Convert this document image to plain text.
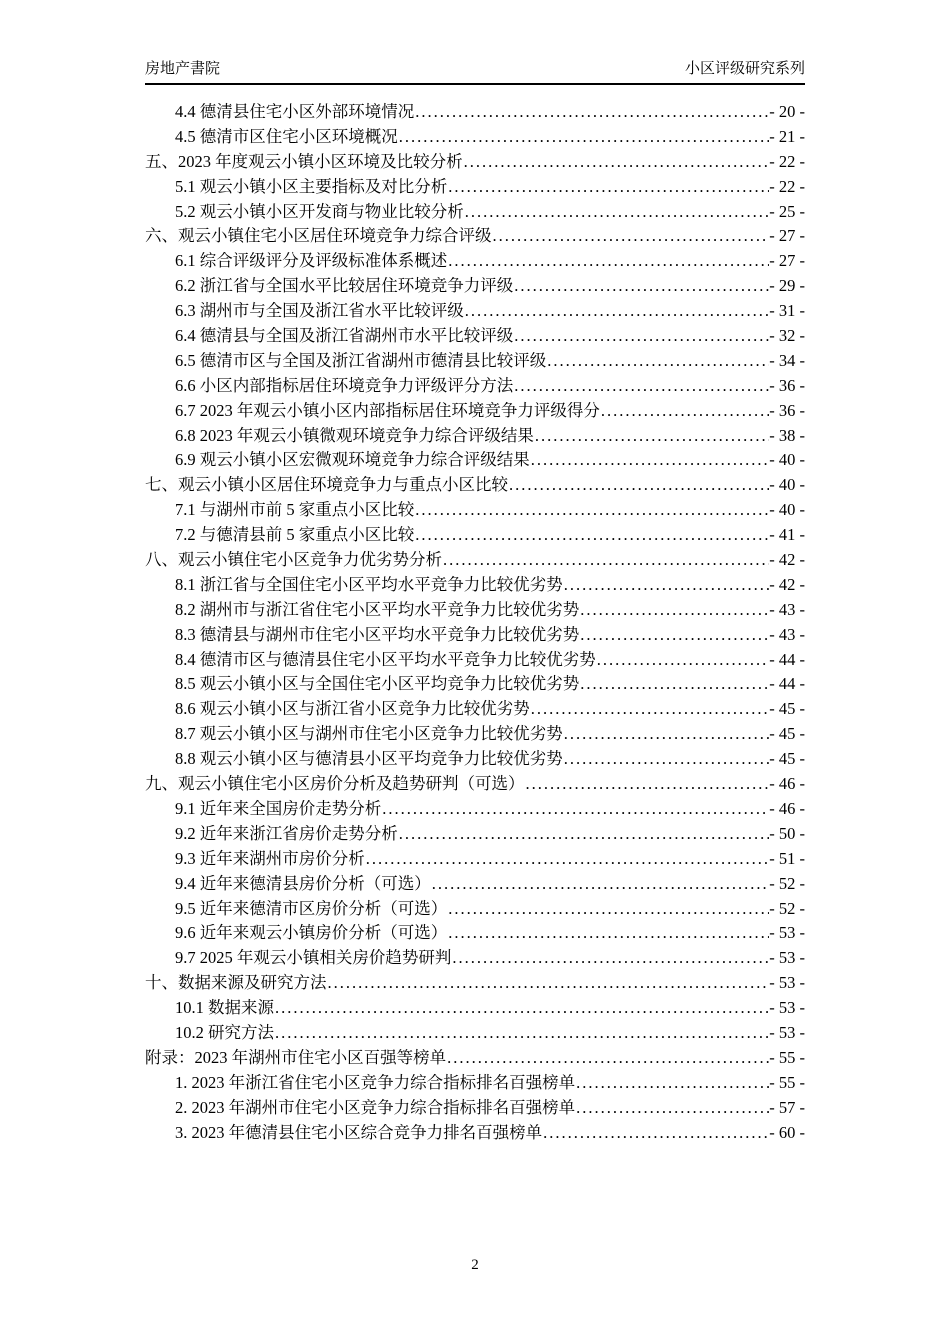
房地产書院	小区评级研究系列
4.4 德清县住宅小区外部环境情况 .....	- 20 -
4.5 德清市区住宅小区环境概况 .....	- 21 -
五、2023 年度观云小镇小区环境及比较分析 .....	- 22 -
5.1 观云小镇小区主要指标及对比分析 .....	- 22 -
5.2 观云小镇小区开发商与物业比较分析 .....	- 25 -
六、观云小镇住宅小区居住环境竞争力综合评级 .....	- 27 -
6.1 综合评级评分及评级标准体系概述 .....	- 27 -
6.2 浙江省与全国水平比较居住环境竞争力评级 .....	- 29 -
6.3 湖州市与全国及浙江省水平比较评级 .....	- 31 -
6.4 德清县与全国及浙江省湖州市水平比较评级 .....	- 32 -
6.5 德清市区与全国及浙江省湖州市德清县比较评级 .....	- 34 -
6.6 小区内部指标居住环境竞争力评级评分方法 .....	- 36 -
6.7 2023 年观云小镇小区内部指标居住环境竞争力评级得分 .....	- 36 -
6.8 2023 年观云小镇微观环境竞争力综合评级结果 .....	- 38 -
6.9 观云小镇小区宏微观环境竞争力综合评级结果 .....	- 40 -
七、观云小镇小区居住环境竞争力与重点小区比较 .....	- 40 -
7.1 与湖州市前 5 家重点小区比较 .....	- 40 -
7.2 与德清县前 5 家重点小区比较 .....	- 41 -
八、观云小镇住宅小区竞争力优劣势分析 .....	- 42 -
8.1 浙江省与全国住宅小区平均水平竞争力比较优劣势 .....	- 42 -
8.2 湖州市与浙江省住宅小区平均水平竞争力比较优劣势 .....	- 43 -
8.3 德清县与湖州市住宅小区平均水平竞争力比较优劣势 .....	- 43 -
8.4 德清市区与德清县住宅小区平均水平竞争力比较优劣势 .....	- 44 -
8.5 观云小镇小区与全国住宅小区平均竞争力比较优劣势 .....	- 44 -
8.6 观云小镇小区与浙江省小区竞争力比较优劣势 .....	- 45 -
8.7 观云小镇小区与湖州市住宅小区竞争力比较优劣势 .....	- 45 -
8.8 观云小镇小区与德清县小区平均竞争力比较优劣势 .....	- 45 -
九、观云小镇住宅小区房价分析及趋势研判（可选） .....	- 46 -
9.1 近年来全国房价走势分析 .....	- 46 -
9.2 近年来浙江省房价走势分析 .....	- 50 -
9.3 近年来湖州市房价分析 .....	- 51 -
9.4 近年来德清县房价分析（可选） .....	- 52 -
9.5 近年来德清市区房价分析（可选） .....	- 52 -
9.6 近年来观云小镇房价分析（可选） .....	- 53 -
9.7 2025 年观云小镇相关房价趋势研判 .....	- 53 -
十、数据来源及研究方法 .....	- 53 -
10.1 数据来源 .....	- 53 -
10.2 研究方法 .....	- 53 -
附录：2023 年湖州市住宅小区百强等榜单 .....	- 55 -
1. 2023 年浙江省住宅小区竞争力综合指标排名百强榜单 .....	- 55 -
2. 2023 年湖州市住宅小区竞争力综合指标排名百强榜单 .....	- 57 -
3. 2023 年德清县住宅小区综合竞争力排名百强榜单 .....	- 60 -
2
